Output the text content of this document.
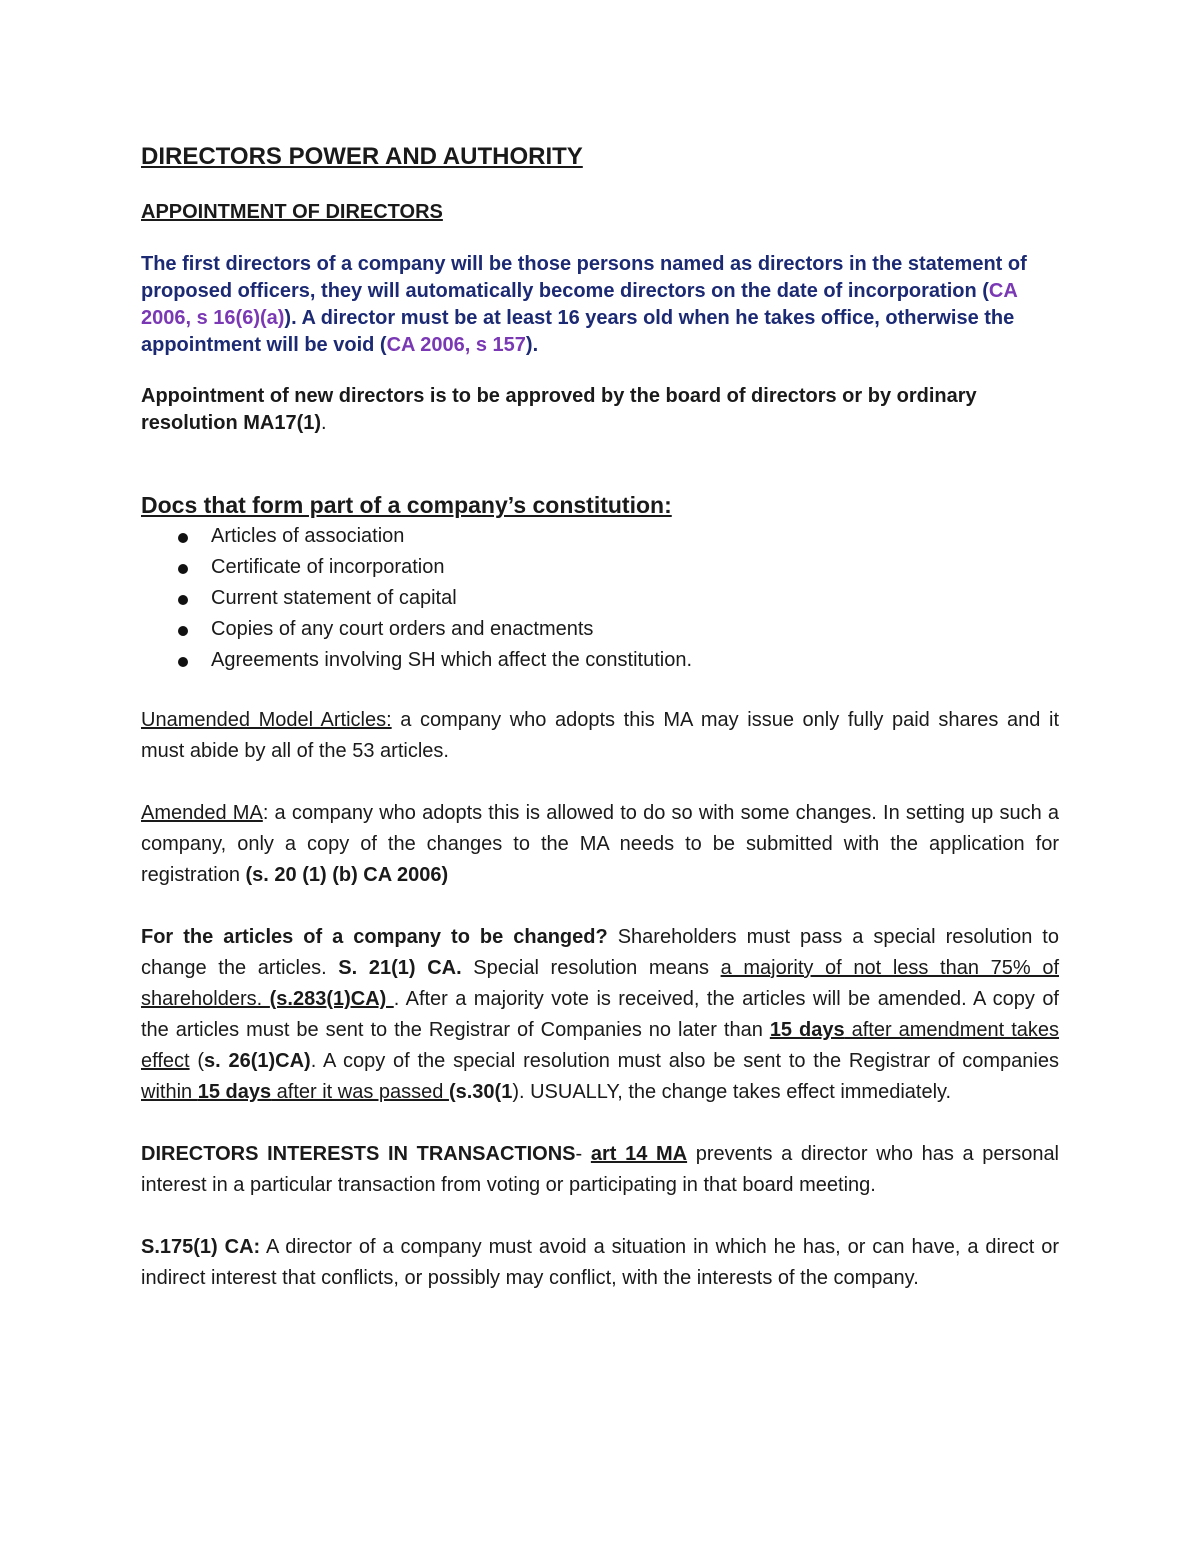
DIRECTORS POWER AND AUTHORITY
APPOINTMENT OF DIRECTORS

The first directors of a company will be those persons named as directors in the statement of proposed officers, they will automatically become directors on the date of incorporation (CA 2006, s 16(6)(a)). A director must be at least 16 years old when he takes office, otherwise the appointment will be void (CA 2006, s 157).

Appointment of new directors is to be approved by the board of directors or by ordinary resolution MA17(1).

Docs that form part of a company’s constitution:
Articles of association
Certificate of incorporation
Current statement of capital
Copies of any court orders and enactments
Agreements involving SH which affect the constitution.

Unamended Model Articles: a company who adopts this MA may issue only fully paid shares and it must abide by all of the 53 articles.

Amended MA: a company who adopts this is allowed to do so with some changes. In setting up such a company, only a copy of the changes to the MA needs to be submitted with the application for registration (s. 20 (1) (b) CA 2006)

For the articles of a company to be changed? Shareholders must pass a special resolution to change the articles. S. 21(1) CA. Special resolution means a majority of not less than 75% of shareholders. (s.283(1)CA) . After a majority vote is received, the articles will be amended. A copy of the articles must be sent to the Registrar of Companies no later than 15 days after amendment takes effect (s. 26(1)CA). A copy of the special resolution must also be sent to the Registrar of companies within 15 days after it was passed (s.30(1). USUALLY, the change takes effect immediately.

DIRECTORS INTERESTS IN TRANSACTIONS- art 14 MA prevents a director who has a personal interest in a particular transaction from voting or participating in that board meeting.

S.175(1) CA: A director of a company must avoid a situation in which he has, or can have, a direct or indirect interest that conflicts, or possibly may conflict, with the interests of the company.
